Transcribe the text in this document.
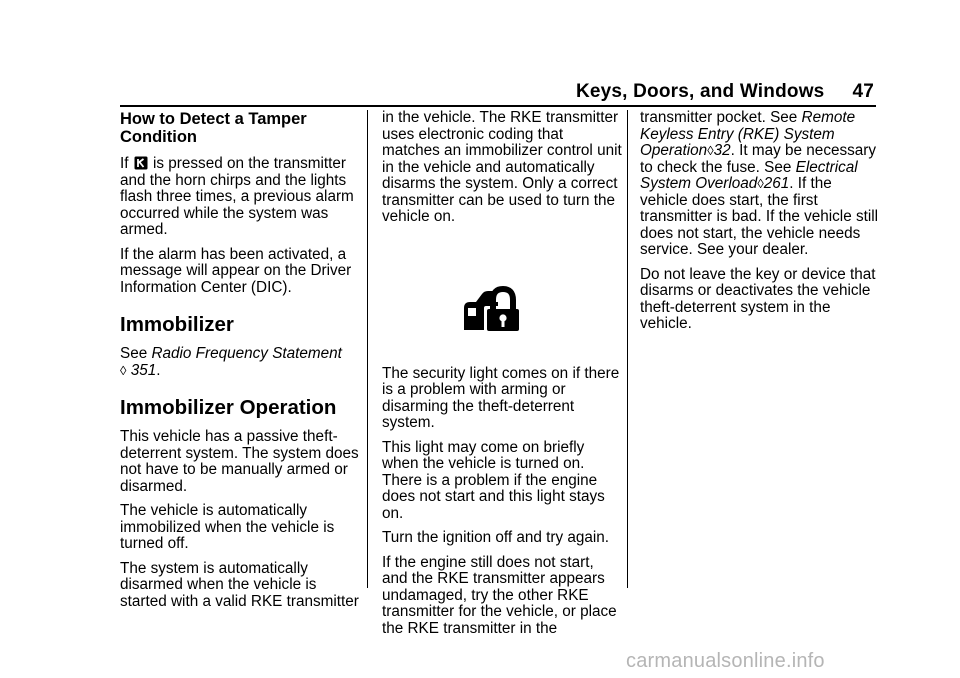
Keys, Doors, and Windows 47
How to Detect a Tamper Condition

If is pressed on the transmitter and the horn chirps and the lights flash three times, a previous alarm occurred while the system was armed.

If the alarm has been activated, a message will appear on the Driver Information Center (DIC).

Immobilizer

See Radio Frequency Statement
◊ 351.

Immobilizer Operation

This vehicle has a passive theft-deterrent system. The system does not have to be manually armed or disarmed.

The vehicle is automatically immobilized when the vehicle is turned off.

The system is automatically disarmed when the vehicle is started with a valid RKE transmitter

in the vehicle. The RKE transmitter uses electronic coding that matches an immobilizer control unit in the vehicle and automatically disarms the system. Only a correct transmitter can be used to turn the vehicle on.

The security light comes on if there is a problem with arming or disarming the theft-deterrent system.

This light may come on briefly when the vehicle is turned on. There is a problem if the engine does not start and this light stays on.

Turn the ignition off and try again.

If the engine still does not start, and the RKE transmitter appears undamaged, try the other RKE transmitter for the vehicle, or place the RKE transmitter in the

transmitter pocket. See Remote Keyless Entry (RKE) System Operation◊32. It may be necessary to check the fuse. See Electrical System Overload◊261. If the vehicle does start, the first transmitter is bad. If the vehicle still does not start, the vehicle needs service. See your dealer.

Do not leave the key or device that disarms or deactivates the vehicle theft-deterrent system in the vehicle.

carmanualsonline.info
